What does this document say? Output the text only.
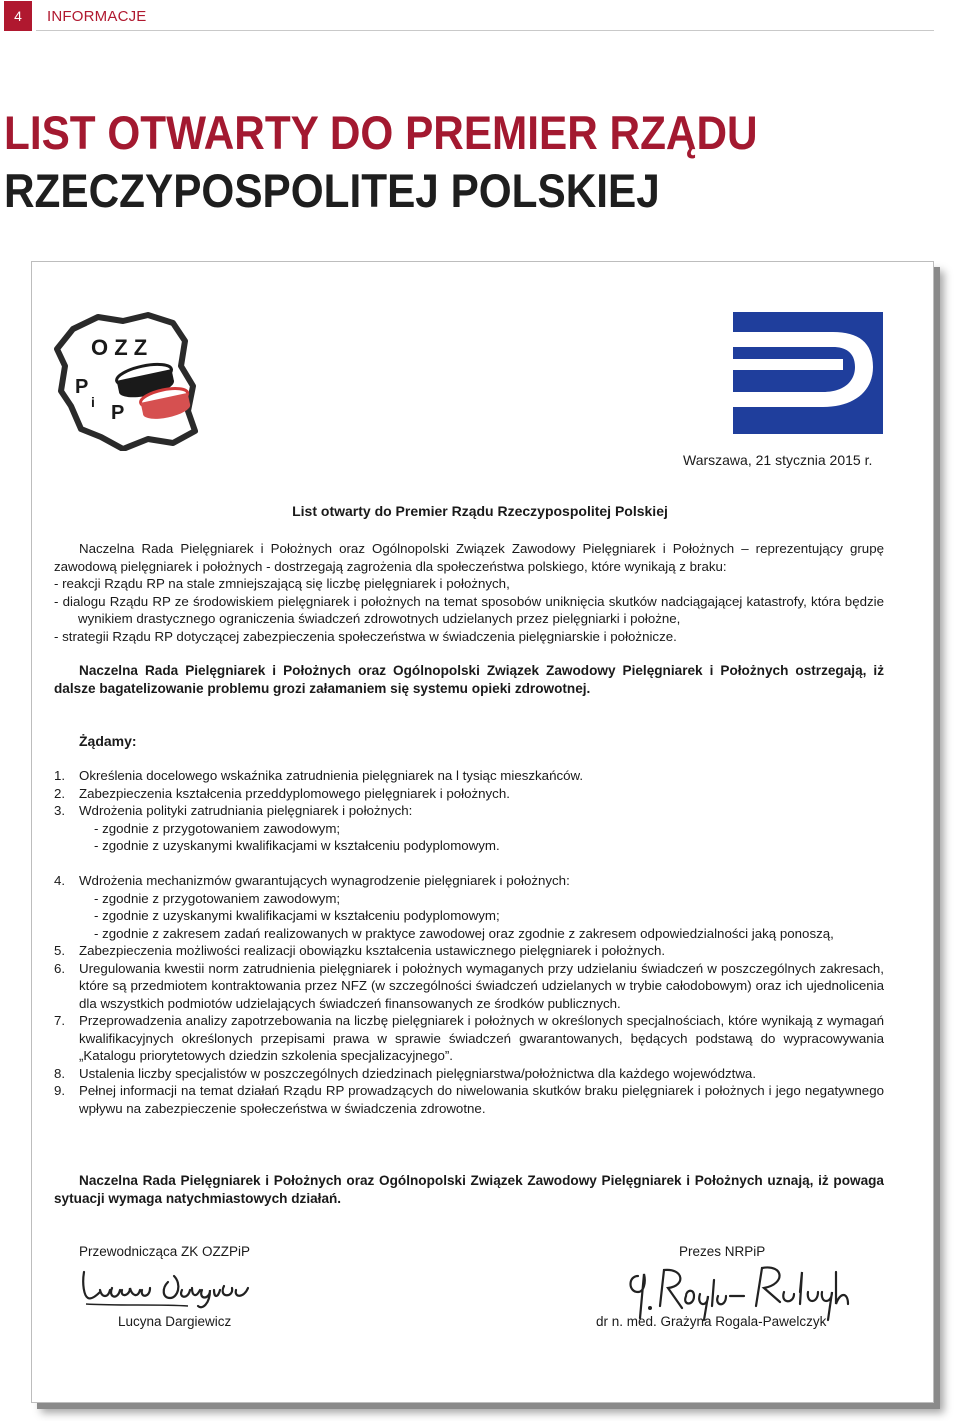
4	INFORMACJE
LIST OTWARTY DO PREMIER RZĄDU
RZECZYPOSPOLITEJ POLSKIEJ
O Z Z
P
i P
Warszawa, 21 stycznia 2015 r.
List otwarty do Premier Rządu Rzeczypospolitej Polskiej

Naczelna Rada Pielęgniarek i Położnych oraz Ogólnopolski Związek Zawodowy Pielęgniarek i Położnych – reprezentujący grupę zawodową pielęgniarek i położnych - dostrzegają zagrożenia dla społeczeństwa polskiego, które wynikają z braku:

- reakcji Rządu RP na stale zmniejszającą się liczbę pielęgniarek i położnych,

- dialogu Rządu RP ze środowiskiem pielęgniarek i położnych na temat sposobów uniknięcia skutków nadciągającej katastrofy, która będzie wynikiem drastycznego ograniczenia świadczeń zdrowotnych udzielanych przez pielęgniarki i położne,

- strategii Rządu RP dotyczącej zabezpieczenia społeczeństwa w świadczenia pielęgniarskie i położnicze.

Naczelna Rada Pielęgniarek i Położnych oraz Ogólnopolski Związek Zawodowy Pielęgniarek i Położnych ostrzegają, iż dalsze bagatelizowanie problemu grozi załamaniem się systemu opieki zdrowotnej.
Żądamy:
1.	Określenia docelowego wskaźnika zatrudnienia pielęgniarek na l tysiąc mieszkańców.
2.	Zabezpieczenia kształcenia przeddyplomowego pielęgniarek i położnych.
3.	Wdrożenia polityki zatrudniania pielęgniarek i położnych:
- zgodnie z przygotowaniem zawodowym;
- zgodnie z uzyskanymi kwalifikacjami w kształceniu podyplomowym.
4.	Wdrożenia mechanizmów gwarantujących wynagrodzenie pielęgniarek i położnych:
- zgodnie z przygotowaniem zawodowym;
- zgodnie z uzyskanymi kwalifikacjami w kształceniu podyplomowym;
- zgodnie z zakresem zadań realizowanych w praktyce zawodowej oraz zgodnie z zakresem odpowiedzialności jaką ponoszą,
5.	Zabezpieczenia możliwości realizacji obowiązku kształcenia ustawicznego pielęgniarek i położnych.
6.	Uregulowania kwestii norm zatrudnienia pielęgniarek i położnych wymaganych przy udzielaniu świadczeń w poszczególnych zakresach, które są przedmiotem kontraktowania przez NFZ (w szczególności świadczeń udzielanych w trybie całodobowym) oraz ich ujednolicenia dla wszystkich podmiotów udzielających świadczeń finansowanych ze środków publicznych.
7.	Przeprowadzenia analizy zapotrzebowania na liczbę pielęgniarek i położnych w określonych specjalnościach, które wynikają z wymagań kwalifikacyjnych określonych przepisami prawa w sprawie świadczeń gwarantowanych, będących podstawą do wypracowywania „Katalogu priorytetowych dziedzin szkolenia specjalizacyjnego”.
8.	Ustalenia liczby specjalistów w poszczególnych dziedzinach pielęgniarstwa/położnictwa dla każdego województwa.
9.	Pełnej informacji na temat działań Rządu RP prowadzących do niwelowania skutków braku pielęgniarek i położnych i jego negatywnego wpływu na zabezpieczenie społeczeństwa w świadczenia zdrowotne.
Naczelna Rada Pielęgniarek i Położnych oraz Ogólnopolski Związek Zawodowy Pielęgniarek i Położnych uznają, iż powaga sytuacji wymaga natychmiastowych działań.
Przewodnicząca ZK OZZPiP	Prezes NRPiP
Lucyna Dargiewicz	dr n. med. Grażyna Rogala-Pawelczyk
